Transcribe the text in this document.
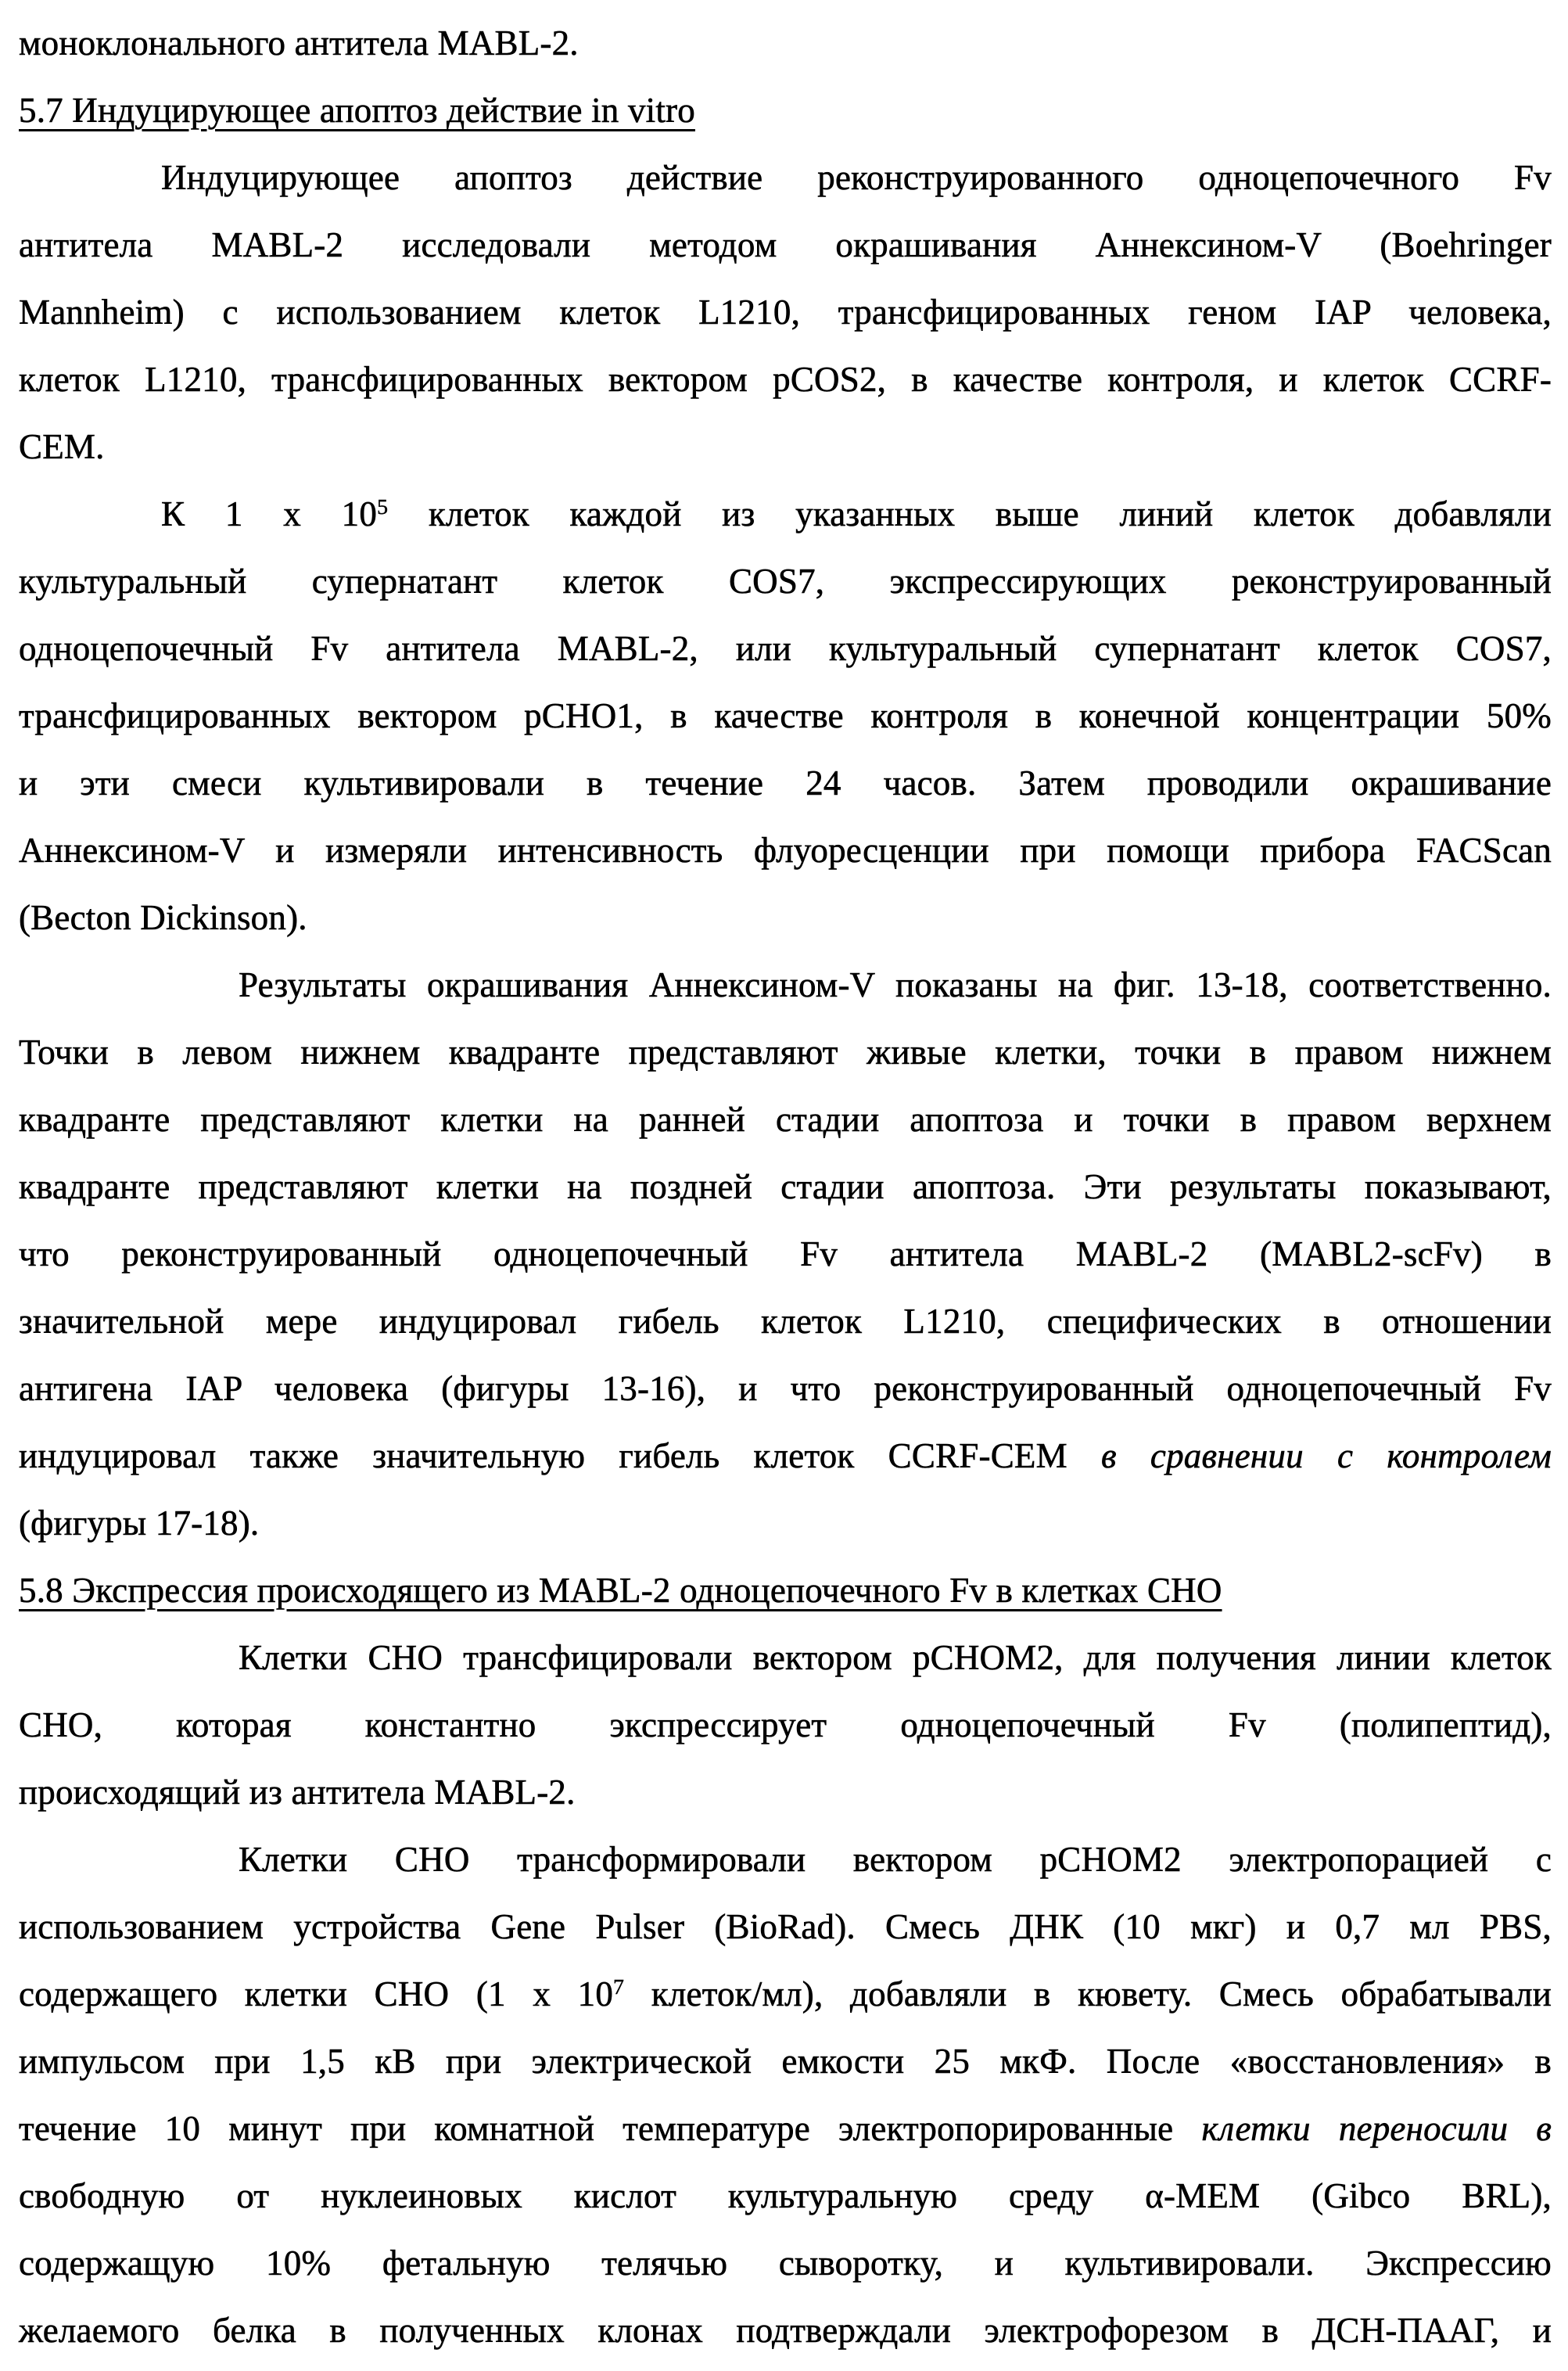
моноклонального антитела MABL-2.
5.7 Индуцирующее апоптоз действие in vitro
Индуцирующее апоптоз действие реконструированного одноцепочечного Fv
антитела MABL-2 исследовали методом окрашивания Аннексином-V (Boehringer
Mannheim) с использованием клеток L1210, трансфицированных геном IAP человека,
клеток L1210, трансфицированных вектором pCOS2, в качестве контроля, и клеток CCRF-
CEM.
К 1 х $10^5$ клеток каждой из указанных выше линий клеток добавляли
культуральный супернатант клеток COS7, экспрессирующих реконструированный
одноцепочечный Fv антитела MABL-2, или культуральный супернатант клеток COS7,
трансфицированных вектором pCHO1, в качестве контроля в конечной концентрации 50%
и эти смеси культивировали в течение 24 часов. Затем проводили окрашивание
Аннексином-V и измеряли интенсивность флуоресценции при помощи прибора FACScan
(Becton Dickinson).
Результаты окрашивания Аннексином-V показаны на фиг. 13-18, соответственно.
Точки в левом нижнем квадранте представляют живые клетки, точки в правом нижнем
квадранте представляют клетки на ранней стадии апоптоза и точки в правом верхнем
квадранте представляют клетки на поздней стадии апоптоза. Эти результаты показывают,
что реконструированный одноцепочечный Fv антитела MABL-2 (MABL2-scFv) в
значительной мере индуцировал гибель клеток L1210, специфических в отношении
антигена IAP человека (фигуры 13-16), и что реконструированный одноцепочечный Fv
индуцировал также значительную гибель клеток CCRF-CEM в сравнении с контролем
(фигуры 17-18).
5.8 Экспрессия происходящего из MABL-2 одноцепочечного Fv в клетках CHO
Клетки CHO трансфицировали вектором pCHOM2, для получения линии клеток
CHO, которая константно экспрессирует одноцепочечный Fv (полипептид),
происходящий из антитела MABL-2.
Клетки CHO трансформировали вектором pCHOM2 электропорацией с
использованием устройства Gene Pulser (BioRad). Смесь ДНК (10 мкг) и 0,7 мл PBS,
содержащего клетки CHO (1 х $10^7$ клеток/мл), добавляли в кювету. Смесь обрабатывали
импульсом при 1,5 кВ при электрической емкости 25 мкФ. После «восстановления» в
течение 10 минут при комнатной температуре электропорированные клетки переносили в
свободную от нуклеиновых кислот культуральную среду α-MEM (Gibco BRL),
содержащую 10% фетальную телячью сыворотку, и культивировали. Экспрессию
желаемого белка в полученных клонах подтверждали электрофорезом в ДСН-ПААГ, и
